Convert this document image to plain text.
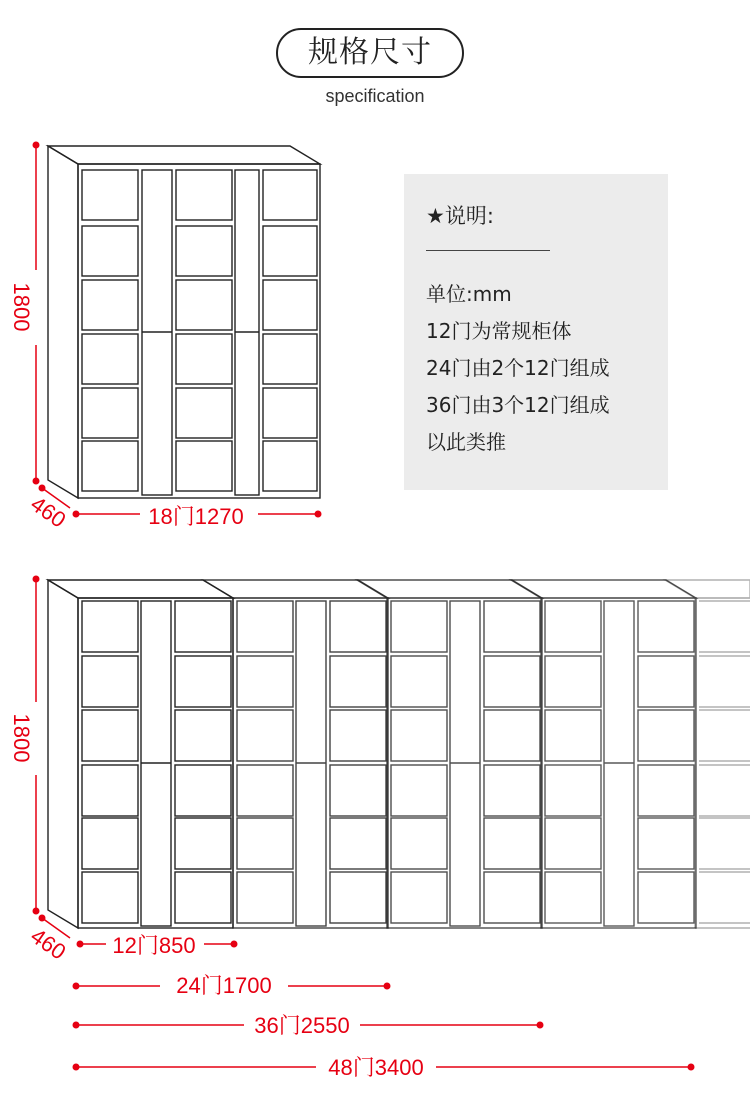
规格尺寸
specification
★说明:
单位:mm
12门为常规柜体
24门由2个12门组成
36门由3个12门组成
以此类推
1800
460	18门1270
1800
460 12门850
24门1700
36门2550
48门3400
